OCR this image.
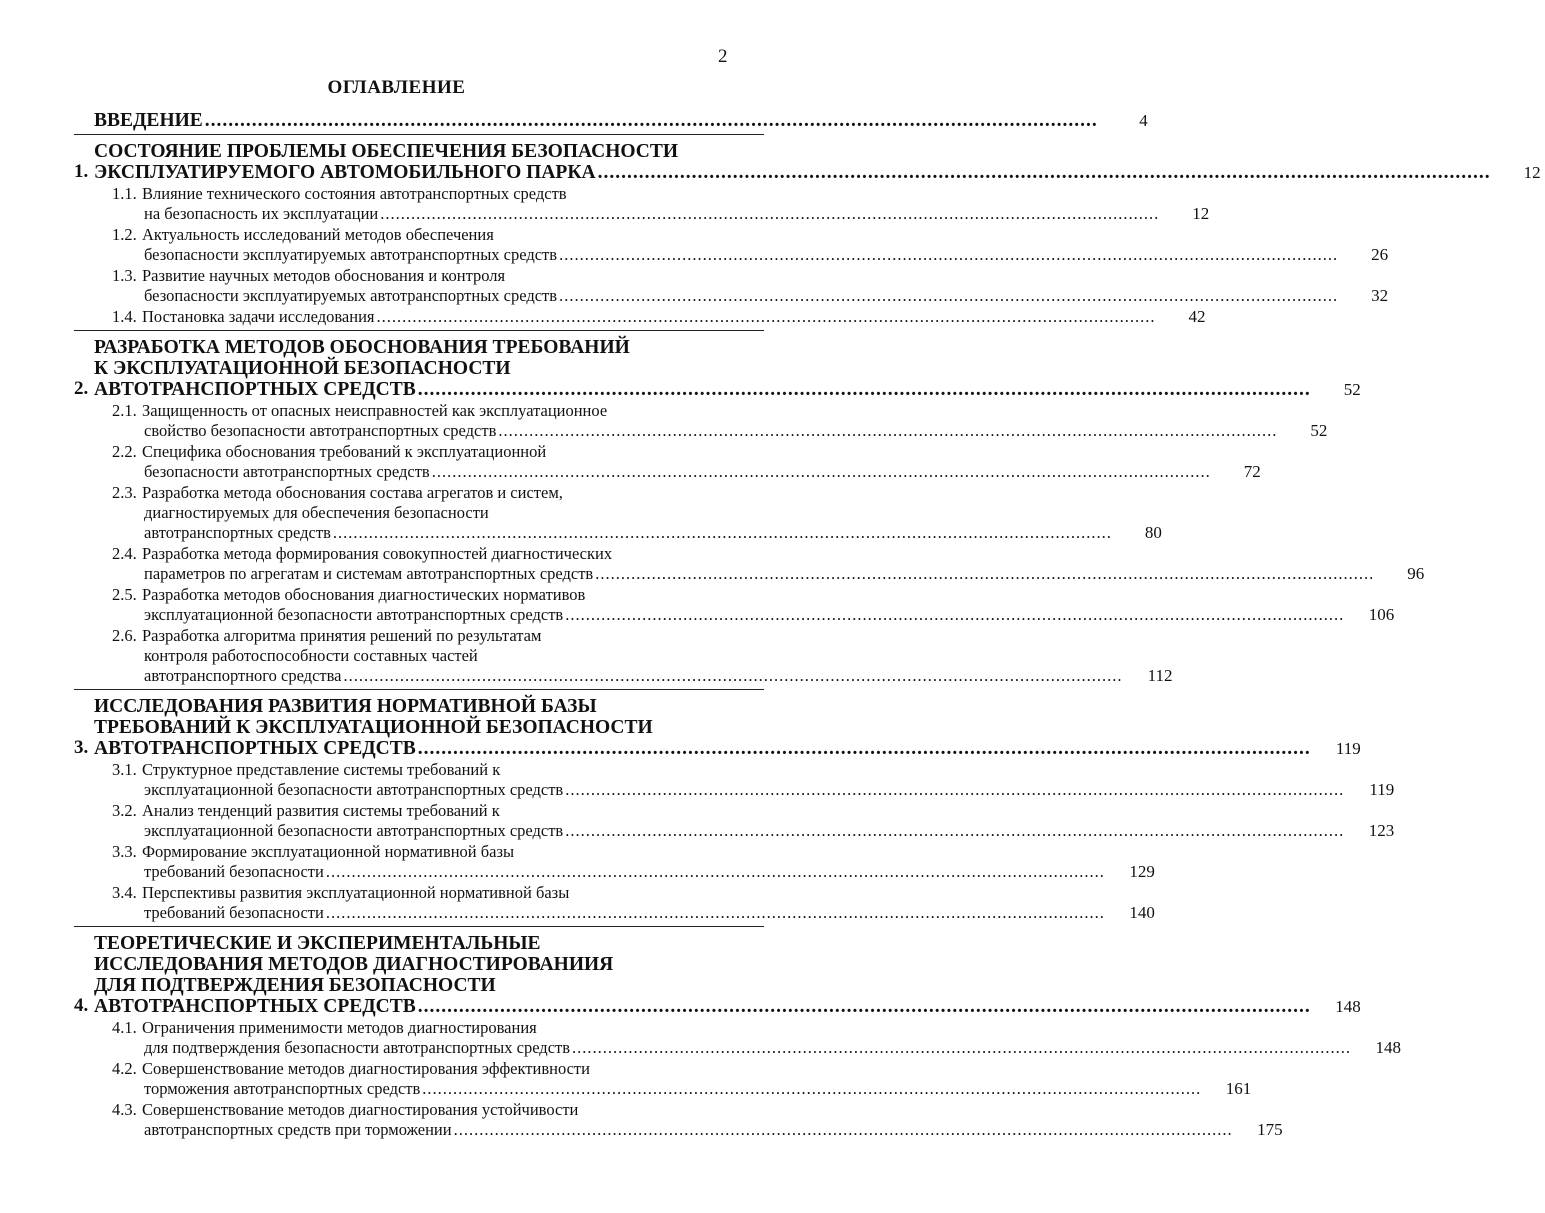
2
ОГЛАВЛЕНИЕ
ВВЕДЕНИЕ .....	4
1.
СОСТОЯНИЕ ПРОБЛЕМЫ ОБЕСПЕЧЕНИЯ БЕЗОПАСНОСТИ
ЭКСПЛУАТИРУЕМОГО АВТОМОБИЛЬНОГО ПАРКА .....	12
1.1.Влияние технического состояния автотранспортных средств
на безопасность их эксплуатации .....	12
1.2.Актуальность исследований методов обеспечения
безопасности эксплуатируемых автотранспортных средств .....	26
1.3.Развитие научных методов обоснования и контроля
безопасности эксплуатируемых автотранспортных средств .....	32
1.4.Постановка задачи исследования .....	42
2.
РАЗРАБОТКА МЕТОДОВ ОБОСНОВАНИЯ ТРЕБОВАНИЙ
К ЭКСПЛУАТАЦИОННОЙ БЕЗОПАСНОСТИ
АВТОТРАНСПОРТНЫХ СРЕДСТВ .....	52
2.1.Защищенность от опасных неисправностей как эксплуатационное
свойство безопасности автотранспортных средств .....	52
2.2.Специфика обоснования требований к эксплуатационной
безопасности автотранспортных средств .....	72
2.3.Разработка метода обоснования состава агрегатов и систем,
диагностируемых для обеспечения безопасности
автотранспортных средств .....	80
2.4.Разработка метода формирования совокупностей диагностических
параметров по агрегатам и системам автотранспортных средств .....	96
2.5.Разработка методов обоснования диагностических нормативов
эксплуатационной безопасности автотранспортных средств .....	106
2.6.Разработка алгоритма принятия решений по результатам
контроля работоспособности составных частей
автотранспортного средства .....	112
3.
ИССЛЕДОВАНИЯ РАЗВИТИЯ НОРМАТИВНОЙ БАЗЫ
ТРЕБОВАНИЙ К ЭКСПЛУАТАЦИОННОЙ БЕЗОПАСНОСТИ
АВТОТРАНСПОРТНЫХ СРЕДСТВ .....	119
3.1.Структурное представление системы требований к
эксплуатационной безопасности автотранспортных средств .....	119
3.2.Анализ тенденций развития системы требований к
эксплуатационной безопасности автотранспортных средств .....	123
3.3.Формирование эксплуатационной нормативной базы
требований безопасности .....	129
3.4.Перспективы развития эксплуатационной нормативной базы
требований безопасности .....	140
4.
ТЕОРЕТИЧЕСКИЕ И ЭКСПЕРИМЕНТАЛЬНЫЕ
ИССЛЕДОВАНИЯ МЕТОДОВ ДИАГНОСТИРОВАНИИЯ
ДЛЯ ПОДТВЕРЖДЕНИЯ БЕЗОПАСНОСТИ
АВТОТРАНСПОРТНЫХ СРЕДСТВ .....	148
4.1.Ограничения применимости методов диагностирования
для подтверждения безопасности автотранспортных средств .....	148
4.2.Совершенствование методов диагностирования эффективности
торможения автотранспортных средств .....	161
4.3.Совершенствование методов диагностирования устойчивости
автотранспортных средств при торможении .....	175
